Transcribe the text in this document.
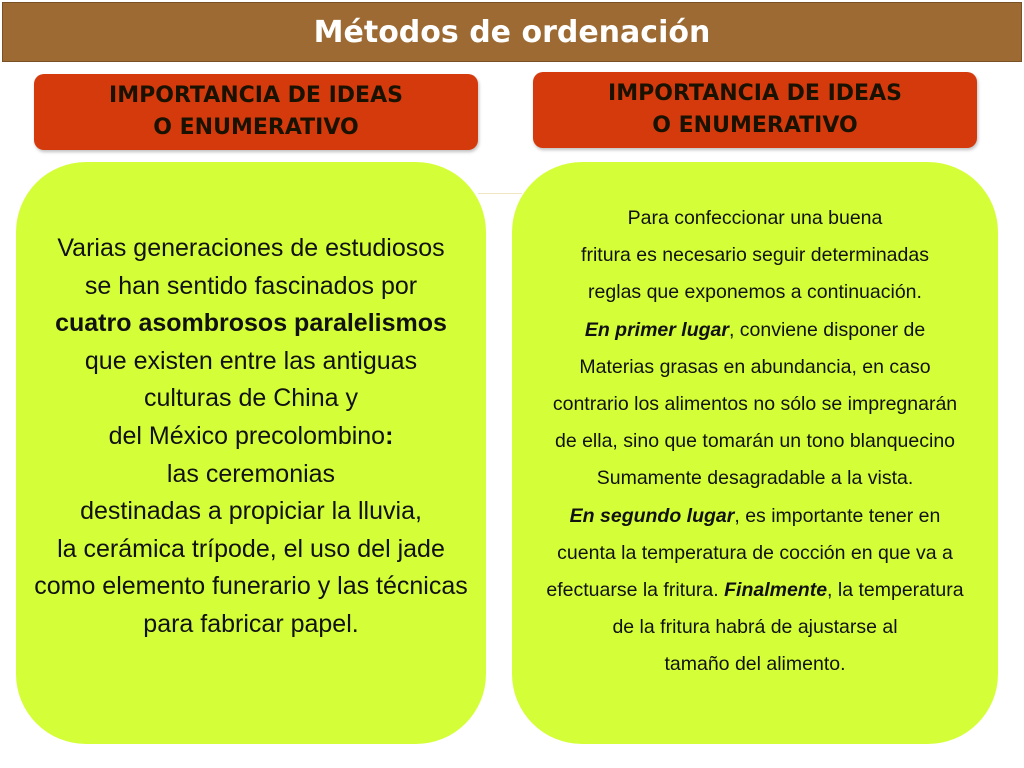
Métodos de ordenación
IMPORTANCIA DE IDEAS
O ENUMERATIVO
IMPORTANCIA DE IDEAS
O ENUMERATIVO
Varias generaciones de estudiosos
se han sentido fascinados por
cuatro asombrosos paralelismos
que existen entre las antiguas
culturas de China y
del México precolombino:
las ceremonias
destinadas a propiciar la lluvia,
la cerámica trípode, el uso del jade
como elemento funerario y las técnicas
para fabricar papel.
Para confeccionar una buena
fritura es necesario seguir determinadas
reglas que exponemos a continuación.
En primer lugar, conviene disponer de
Materias grasas en abundancia, en caso
contrario los alimentos no sólo se impregnarán
de ella, sino que tomarán un tono blanquecino
Sumamente desagradable a la vista.
En segundo lugar, es importante tener en
cuenta la temperatura de cocción en que va a
efectuarse la fritura. Finalmente, la temperatura
de la fritura habrá de ajustarse al
tamaño del alimento.
